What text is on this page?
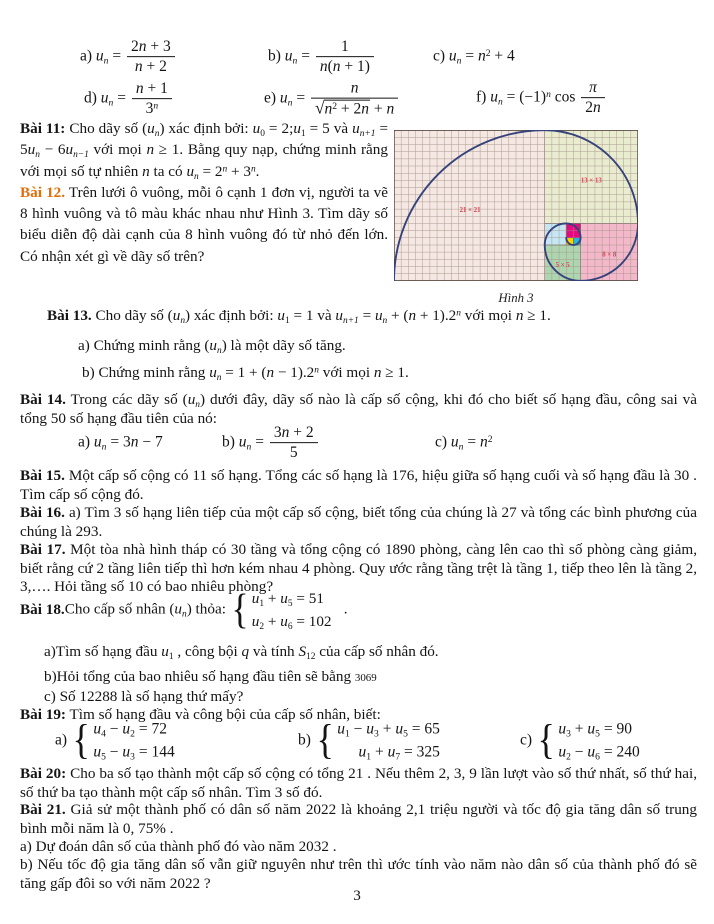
a) $u_n = \frac{2n + 3}{n + 2}$	b) $u_n = \frac{1}{n(n + 1)}$	c) $u_n = n^2 + 4$
d) $u_n = \frac{n + 1}{3^n}$	e) $u_n = \frac{n}{√ n^2 + 2n + n}$	f) $u_n = (-1)^n$ $\cos \frac{\pi}{2n}$

Bài 11: Cho dãy số $(u_n)$ xác định bởi: $u_0$ = $2;u_1 = 5$ và $u_{n+1} = 5u_n - 6u_{n-1}$ với mọi n ≥ 1. Bằng quy nạp, chứng minh rằng với mọi số tự nhiên n ta có $u_n = 2^n + 3^n$.

Bài 12. Trên lưới ô vuông, mỗi ô cạnh 1 đơn vị, người ta vẽ 8 hình vuông và tô màu khác nhau như Hình 3. Tìm dãy số biểu diễn độ dài cạnh của 8 hình vuông đó từ nhỏ đến lớn. Có nhận xét gì về dãy số trên?

Hình 3
Bài 13. Cho dãy số $(u_n)$ xác định bởi: $u_1 = 1$ và $u_{n+1} = u_n + (n + 1).2^n$ với mọi n ≥ 1.
a) Chứng minh rằng $(u_n)$ là một dãy số tăng.
b) Chứng minh rằng $u_n = 1 + (n - 1).2^n$ với mọi n ≥ 1.
Bài 14. Trong các dãy số $(u_n)$ dưới đây, dãy số nào là cấp số cộng, khi đó cho biết số hạng đầu, công sai và tổng 50 số hạng đầu tiên của nó:
a) $u_n = 3n - 7$	b) $u_n = \frac{3n + 2}{5}$	c) $u_n = n^2$
Bài 15. Một cấp số cộng có 11 số hạng. Tổng các số hạng là 176, hiệu giữa số hạng cuối và số hạng đầu là 30 . Tìm cấp số cộng đó.
Bài 16. a) Tìm 3 số hạng liên tiếp của một cấp số cộng, biết tổng của chúng là 27 và tổng các bình phương của chúng là 293.
Bài 17. Một tòa nhà hình tháp có 30 tầng và tổng cộng có 1890 phòng, càng lên cao thì số phòng càng giảm, biết rằng cứ 2 tầng liên tiếp thì hơn kém nhau 4 phòng. Quy ước rằng tầng trệt là tầng 1, tiếp theo lên là tầng 2, 3,…. Hỏi tầng số 10 có bao nhiêu phòng?
Bài 18. Cho cấp số nhân $(u_n)$ thỏa: { $u_1 + u_5 = 51$
$u_2 + u_6 = 102$
.
a)Tìm số hạng đầu $u_1$ , công bội q và tính $S_{12}$ của cấp số nhân đó.
b)Hỏi tổng của bao nhiêu số hạng đầu tiên sẽ bằng 3069
c) Số 12288 là số hạng thứ mấy?
Bài 19: Tìm số hạng đầu và công bội của cấp số nhân, biết:
a) { $u_4 - u_2 = 72$
$u_5 - u_3 = 144$
b) { $u_1 - u_3 + u_5 = 65$
$u_1 + u_7 = 325$
c) { $u_3 + u_5 = 90$
$u_2 - u_6 = 240$
Bài 20: Cho ba số tạo thành một cấp số cộng có tổng 21 . Nếu thêm 2, 3, 9 lần lượt vào số thứ nhất, số thứ hai, số thứ ba tạo thành một cấp số nhân. Tìm 3 số đó.
Bài 21. Giả sử một thành phố có dân số năm 2022 là khoảng 2,1 triệu người và tốc độ gia tăng dân số trung bình mỗi năm là 0, 75% .
a) Dự đoán dân số của thành phố đó vào năm 2032 .
b) Nếu tốc độ gia tăng dân số vẫn giữ nguyên như trên thì ước tính vào năm nào dân số của thành phố đó sẽ tăng gấp đôi so với năm 2022 ?
3
